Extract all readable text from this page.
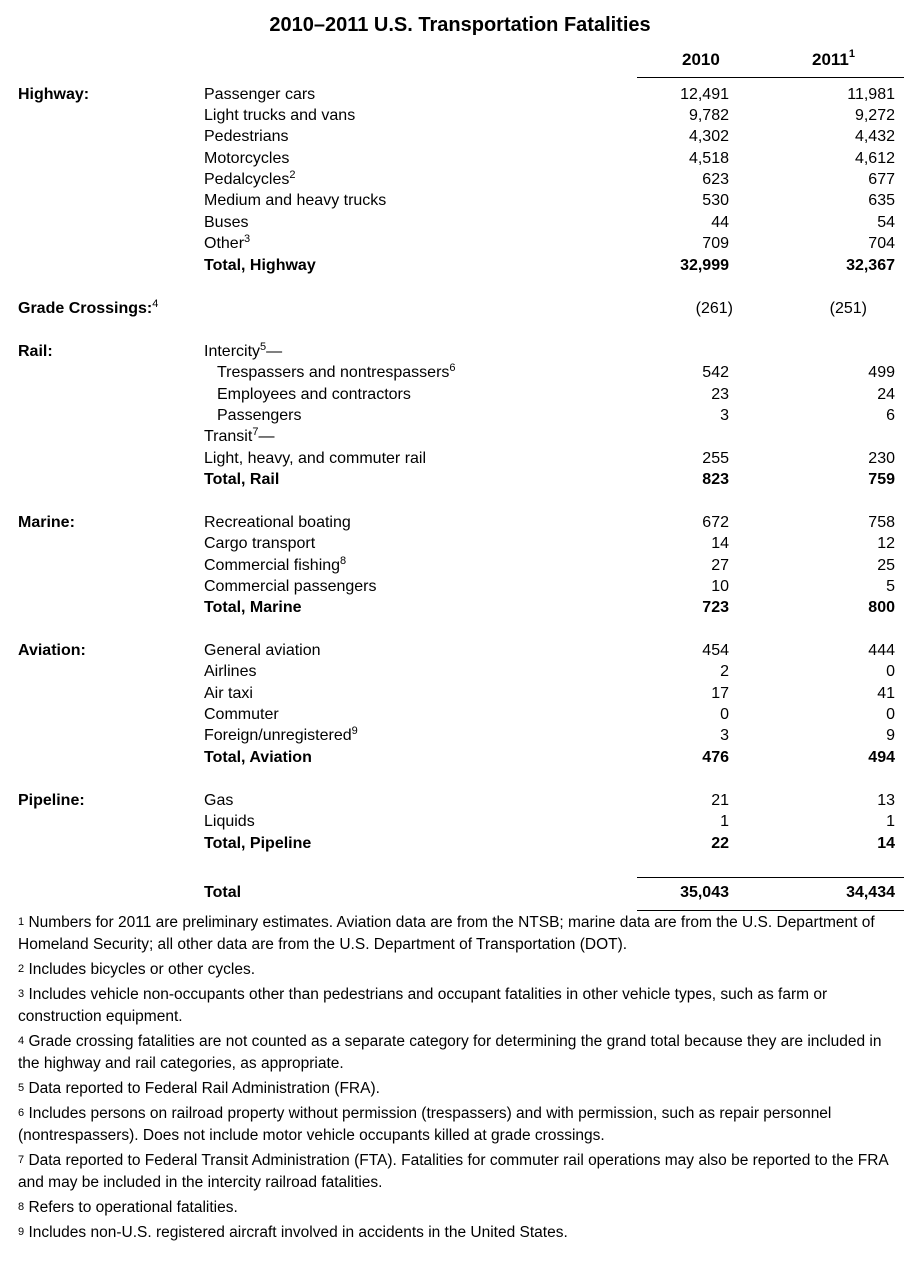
2010–2011 U.S. Transportation Fatalities
2010	2011$^1$
Highway:	Passenger cars	12,491	11,981
Light trucks and vans	9,782	9,272
Pedestrians	4,302	4,432
Motorcycles	4,518	4,612
Pedalcycles$^2$	623	677
Medium and heavy trucks	530	635
Buses	44	54
Other$^3$	709	704
Total, Highway	32,999	32,367
Grade Crossings:$^4$	(261)	(251)
Rail:	Intercity$^5$—
Trespassers and nontrespassers$^6$	542	499
Employees and contractors	23	24
Passengers	3	6
Transit$^7$—
Light, heavy, and commuter rail	255	230
Total, Rail	823	759
Marine:	Recreational boating	672	758
Cargo transport	14	12
Commercial fishing$^8$	27	25
Commercial passengers	10	5
Total, Marine	723	800
Aviation:	General aviation	454	444
Airlines	2	0
Air taxi	17	41
Commuter	0	0
Foreign/unregistered$^9$	3	9
Total, Aviation	476	494
Pipeline:	Gas	21	13
Liquids	1	1
Total, Pipeline	22	14
Total	35,043	34,434
$^1$ Numbers for 2011 are preliminary estimates. Aviation data are from the NTSB; marine data are from the U.S. Department of Homeland Security; all other data are from the U.S. Department of Transportation (DOT).
$^2$ Includes bicycles or other cycles.
$^3$ Includes vehicle non-occupants other than pedestrians and occupant fatalities in other vehicle types, such as farm or construction equipment.
$^4$ Grade crossing fatalities are not counted as a separate category for determining the grand total because they are included in the highway and rail categories, as appropriate.
$^5$ Data reported to Federal Rail Administration (FRA).
$^6$ Includes persons on railroad property without permission (trespassers) and with permission, such as repair personnel (nontrespassers). Does not include motor vehicle occupants killed at grade crossings.
$^7$ Data reported to Federal Transit Administration (FTA). Fatalities for commuter rail operations may also be reported to the FRA and may be included in the intercity railroad fatalities.
$^8$ Refers to operational fatalities.
$^9$ Includes non-U.S. registered aircraft involved in accidents in the United States.
